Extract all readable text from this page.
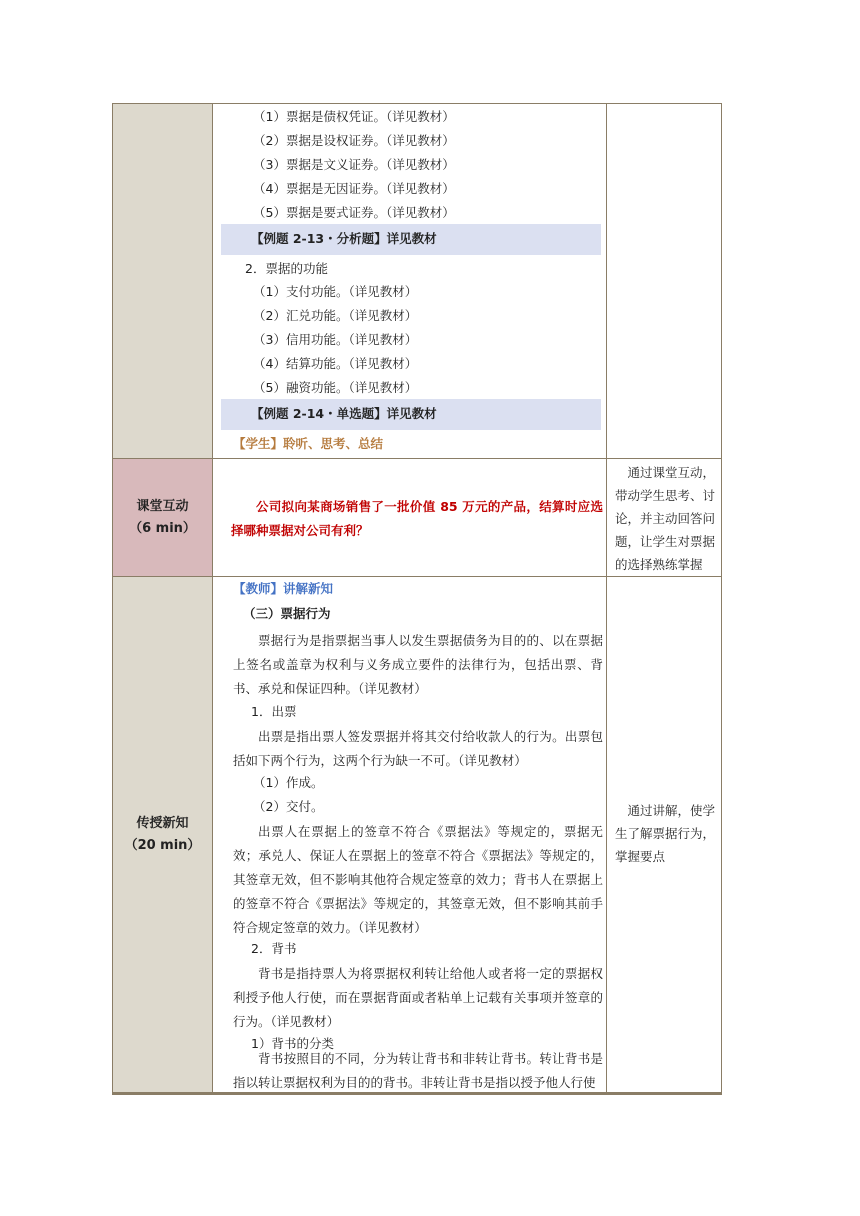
（1）票据是债权凭证。（详见教材）
（2）票据是设权证券。（详见教材）
（3）票据是文义证券。（详见教材）
（4）票据是无因证券。（详见教材）
（5）票据是要式证券。（详见教材）
【例题 2-13・分析题】详见教材
2．票据的功能
（1）支付功能。（详见教材）
（2）汇兑功能。（详见教材）
（3）信用功能。（详见教材）
（4）结算功能。（详见教材）
（5）融资功能。（详见教材）
【例题 2-14・单选题】详见教材
【学生】聆听、思考、总结
课堂互动
（6 min）
公司拟向某商场销售了一批价值 85 万元的产品，结算时应选择哪种票据对公司有利？
通过课堂互动，带动学生思考、讨论，并主动回答问题，让学生对票据的选择熟练掌握
传授新知
（20 min）
【教师】讲解新知
（三）票据行为
票据行为是指票据当事人以发生票据债务为目的的、以在票据上签名或盖章为权利与义务成立要件的法律行为，包括出票、背书、承兑和保证四种。（详见教材）
1．出票
出票是指出票人签发票据并将其交付给收款人的行为。出票包括如下两个行为，这两个行为缺一不可。（详见教材）
（1）作成。
（2）交付。
出票人在票据上的签章不符合《票据法》等规定的，票据无效；承兑人、保证人在票据上的签章不符合《票据法》等规定的，其签章无效，但不影响其他符合规定签章的效力；背书人在票据上的签章不符合《票据法》等规定的，其签章无效，但不影响其前手符合规定签章的效力。（详见教材）
2．背书
背书是指持票人为将票据权利转让给他人或者将一定的票据权利授予他人行使，而在票据背面或者粘单上记载有关事项并签章的行为。（详见教材）
1）背书的分类
背书按照目的不同，分为转让背书和非转让背书。转让背书是指以转让票据权利为目的的背书。非转让背书是指以授予他人行使
通过讲解，使学生了解票据行为，掌握要点
